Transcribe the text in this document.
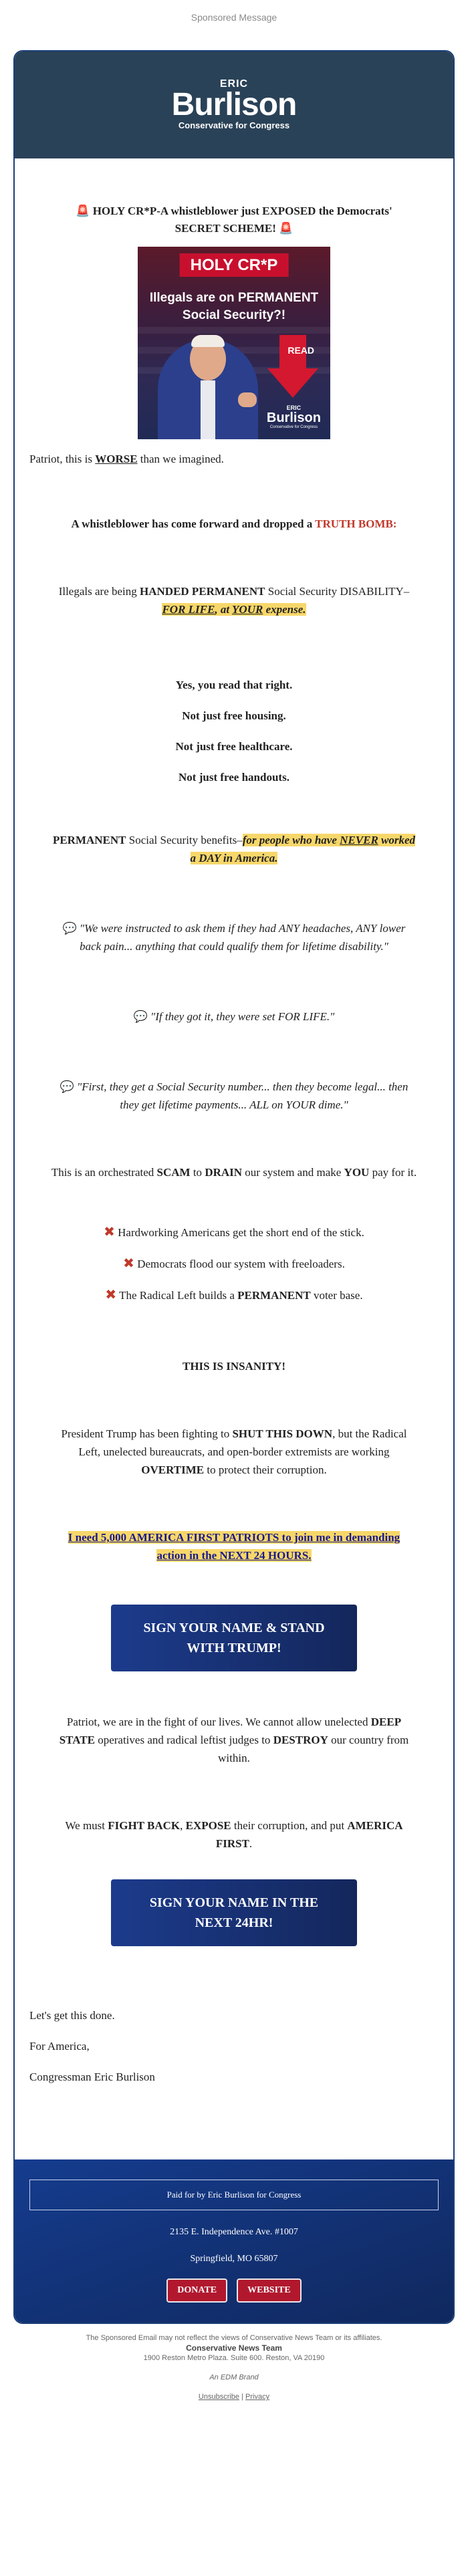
Sponsored Message
ERIC
Burlison
Conservative for Congress
🚨 HOLY CR*P-A whistleblower just EXPOSED the Democrats' SECRET SCHEME! 🚨
HOLY CR*P
Illegals are on PERMANENT
Social Security?!
READ
ERIC
Burlison
Conservative for Congress

Patriot, this is WORSE than we imagined.

A whistleblower has come forward and dropped a TRUTH BOMB:

Illegals are being HANDED PERMANENT Social Security DISABILITY–FOR LIFE, at YOUR expense.

Yes, you read that right.
Not just free housing.
Not just free healthcare.
Not just free handouts.

PERMANENT Social Security benefits–for people who have NEVER worked a DAY in America.

💬 "We were instructed to ask them if they had ANY headaches, ANY lower back pain... anything that could qualify them for lifetime disability."

💬 "If they got it, they were set FOR LIFE."

💬 "First, they get a Social Security number... then they become legal... then they get lifetime payments... ALL on YOUR dime."

This is an orchestrated SCAM to DRAIN our system and make YOU pay for it.

✖ Hardworking Americans get the short end of the stick.
✖ Democrats flood our system with freeloaders.
✖ The Radical Left builds a PERMANENT voter base.

THIS IS INSANITY!

President Trump has been fighting to SHUT THIS DOWN, but the Radical Left, unelected bureaucrats, and open-border extremists are working OVERTIME to protect their corruption.

I need 5,000 AMERICA FIRST PATRIOTS to join me in demanding action in the NEXT 24 HOURS.

SIGN YOUR NAME & STAND WITH TRUMP!

Patriot, we are in the fight of our lives. We cannot allow unelected DEEP STATE operatives and radical leftist judges to DESTROY our country from within.

We must FIGHT BACK, EXPOSE their corruption, and put AMERICA FIRST.

SIGN YOUR NAME IN THE NEXT 24HR!
Let's get this done.
For America,
Congressman Eric Burlison
Paid for by Eric Burlison for Congress
2135 E. Independence Ave. #1007
Springfield, MO 65807
DONATE	WEBSITE
The Sponsored Email may not reflect the views of Conservative News Team or its affiliates.
Conservative News Team
1900 Reston Metro Plaza. Suite 600. Reston, VA 20190
An EDM Brand
Unsubscribe | Privacy
